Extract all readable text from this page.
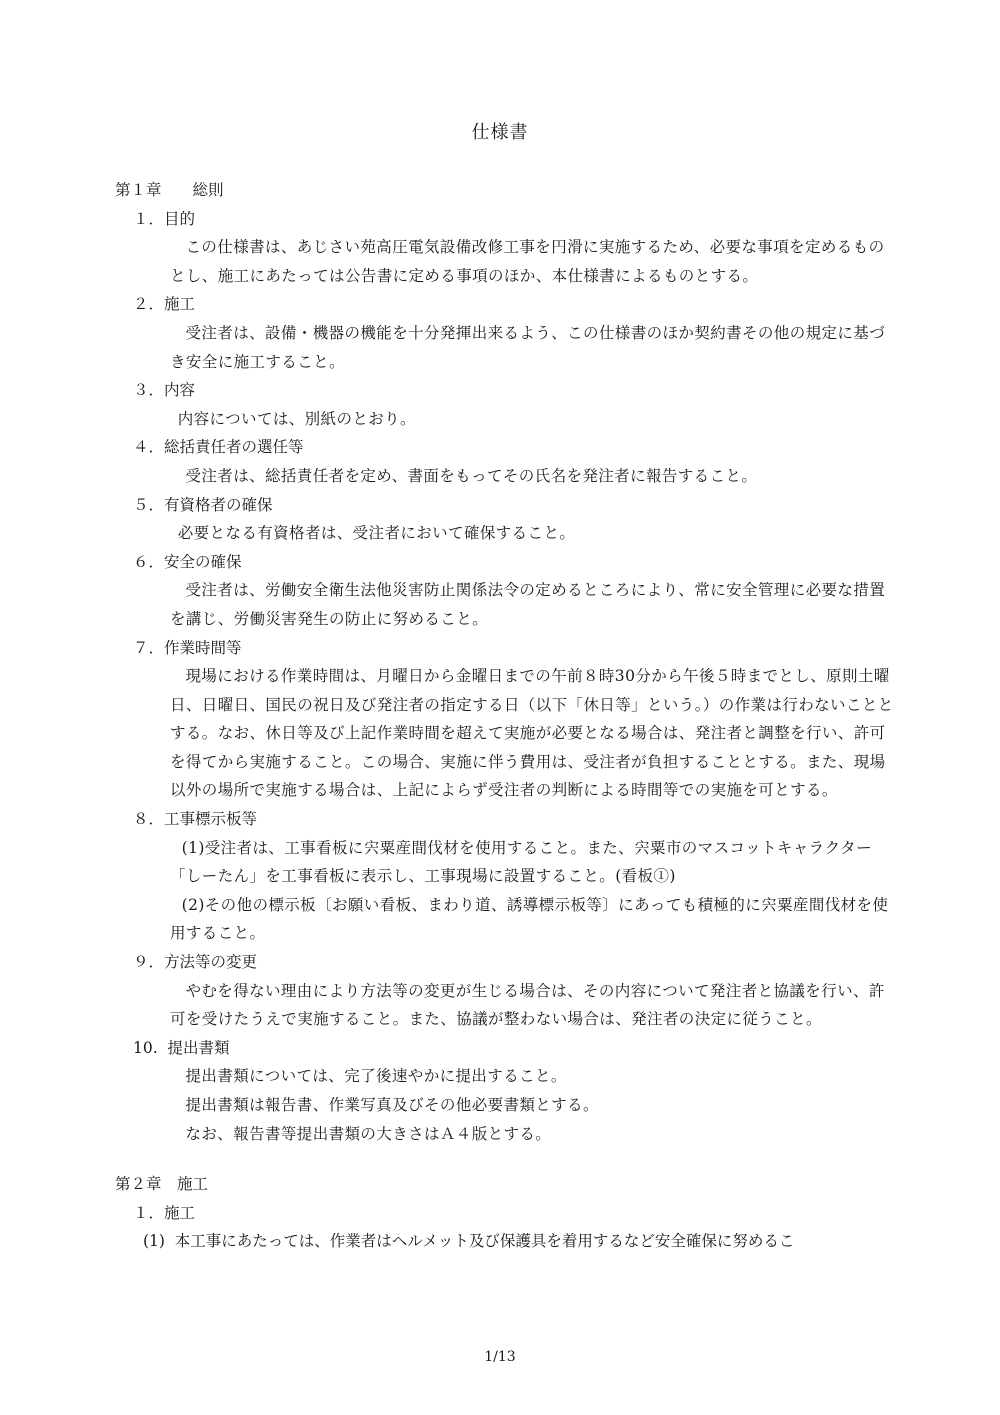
仕様書

第１章　　総則

１．目的

この仕様書は、あじさい苑高圧電気設備改修工事を円滑に実施するため、必要な事項を定めるものとし、施工にあたっては公告書に定める事項のほか、本仕様書によるものとする。

２．施工

受注者は、設備・機器の機能を十分発揮出来るよう、この仕様書のほか契約書その他の規定に基づき安全に施工すること。

３．内容

内容については、別紙のとおり。

４．総括責任者の選任等

受注者は、総括責任者を定め、書面をもってその氏名を発注者に報告すること。

５．有資格者の確保

必要となる有資格者は、受注者において確保すること。

６．安全の確保

受注者は、労働安全衛生法他災害防止関係法令の定めるところにより、常に安全管理に必要な措置を講じ、労働災害発生の防止に努めること。

７．作業時間等

現場における作業時間は、月曜日から金曜日までの午前８時30分から午後５時までとし、原則土曜日、日曜日、国民の祝日及び発注者の指定する日（以下「休日等」という。）の作業は行わないこととする。なお、休日等及び上記作業時間を超えて実施が必要となる場合は、発注者と調整を行い、許可を得てから実施すること。この場合、実施に伴う費用は、受注者が負担することとする。また、現場以外の場所で実施する場合は、上記によらず受注者の判断による時間等での実施を可とする。

８．工事標示板等

(1)受注者は、工事看板に宍粟産間伐材を使用すること。また、宍粟市のマスコットキャラクター「しーたん」を工事看板に表示し、工事現場に設置すること。(看板①)

(2)その他の標示板〔お願い看板、まわり道、誘導標示板等〕にあっても積極的に宍粟産間伐材を使用すること。

９．方法等の変更

やむを得ない理由により方法等の変更が生じる場合は、その内容について発注者と協議を行い、許可を受けたうえで実施すること。また、協議が整わない場合は、発注者の決定に従うこと。

10.  提出書類

提出書類については、完了後速やかに提出すること。

提出書類は報告書、作業写真及びその他必要書類とする。

なお、報告書等提出書類の大きさはＡ４版とする。

第２章　施工

１．施工

(1)  本工事にあたっては、作業者はヘルメット及び保護具を着用するなど安全確保に努めるこ

1/13
